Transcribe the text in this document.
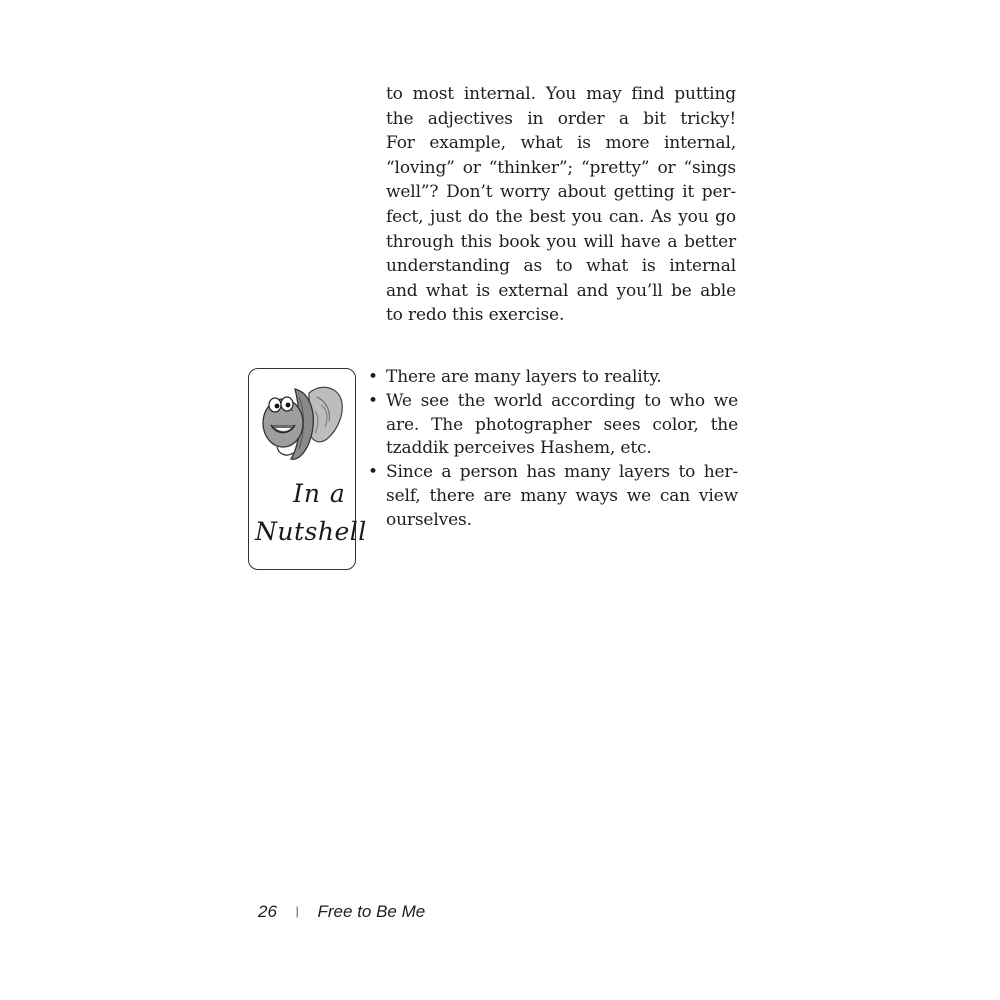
to most internal. You may find putting
the adjectives in order a bit tricky!
For example, what is more internal,
“loving” or “thinker”; “pretty” or “sings
well”? Don’t worry about getting it per-
fect, just do the best you can. As you go
through this book you will have a better
understanding as to what is internal
and what is external and you’ll be able
to redo this exercise.
In a
Nutshell
• There are many layers to reality.
• We see the world according to who we
are. The photographer sees color, the
tzaddik perceives Hashem, etc.
• Since a person has many layers to her-
self, there are many ways we can view
ourselves.
26 | Free to Be Me
